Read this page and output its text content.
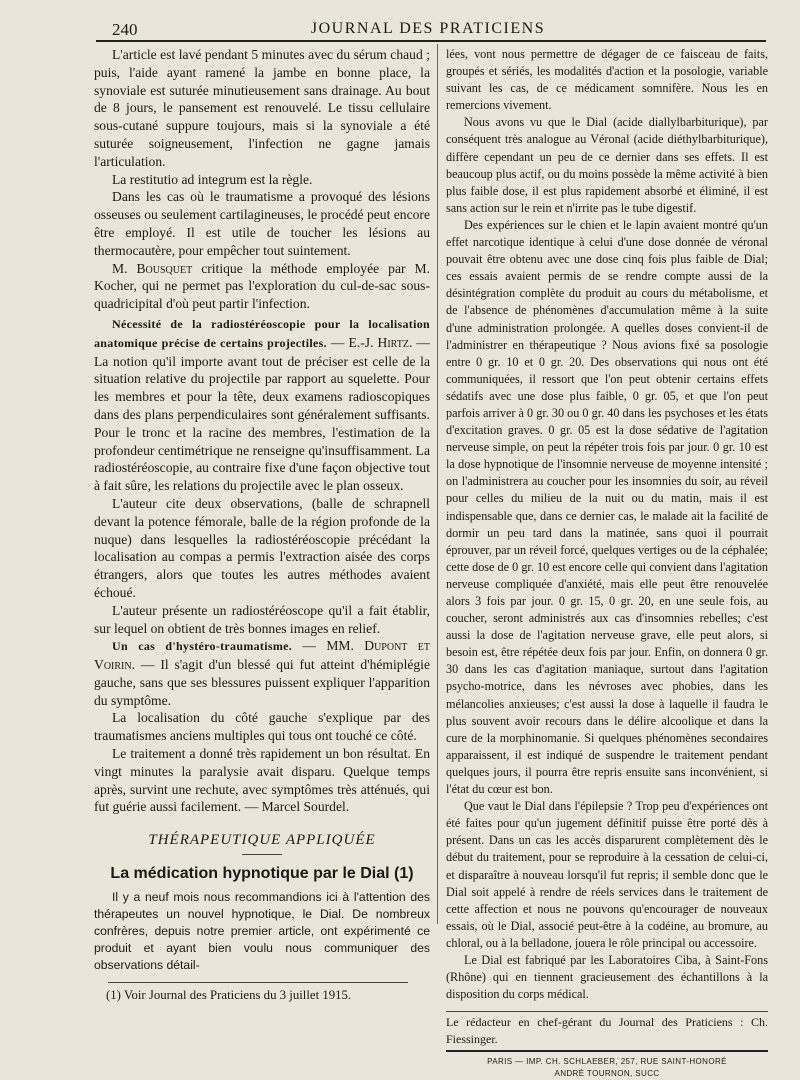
240	JOURNAL DES PRATICIENS

L'article est lavé pendant 5 minutes avec du sérum chaud ; puis, l'aide ayant ramené la jambe en bonne place, la synoviale est suturée minutieusement sans drainage. Au bout de 8 jours, le pansement est renouvelé. Le tissu cellulaire sous-cutané suppure toujours, mais si la synoviale a été suturée soigneusement, l'infection ne gagne jamais l'articulation.

La restitutio ad integrum est la règle.

Dans les cas où le traumatisme a provoqué des lésions osseuses ou seulement cartilagineuses, le procédé peut encore être employé. Il est utile de toucher les lésions au thermocautère, pour empêcher tout suintement.

M. Bousquet critique la méthode employée par M. Kocher, qui ne permet pas l'exploration du cul-de-sac sous-quadricipital d'où peut partir l'infection.

Nécessité de la radiostéréoscopie pour la localisation anatomique précise de certains projectiles. — E.-J. Hirtz. — La notion qu'il importe avant tout de préciser est celle de la situation relative du projectile par rapport au squelette. Pour les membres et pour la tête, deux examens radioscopiques dans des plans perpendiculaires sont généralement suffisants. Pour le tronc et la racine des membres, l'estimation de la profondeur centimétrique ne renseigne qu'insuffisamment. La radiostéréoscopie, au contraire fixe d'une façon objective tout à fait sûre, les relations du projectile avec le plan osseux.

L'auteur cite deux observations, (balle de schrapnell devant la potence fémorale, balle de la région profonde de la nuque) dans lesquelles la radiostéréoscopie précédant la localisation au compas a permis l'extraction aisée des corps étrangers, alors que toutes les autres méthodes avaient échoué.

L'auteur présente un radiostéréoscope qu'il a fait établir, sur lequel on obtient de très bonnes images en relief.

Un cas d'hystéro-traumatisme. — MM. Dupont et Voirin. — Il s'agit d'un blessé qui fut atteint d'hémiplégie gauche, sans que ses blessures puissent expliquer l'apparition du symptôme.

La localisation du côté gauche s'explique par des traumatismes anciens multiples qui tous ont touché ce côté.

Le traitement a donné très rapidement un bon résultat. En vingt minutes la paralysie avait disparu. Quelque temps après, survint une rechute, avec symptômes très atténués, qui fut guérie aussi facilement. — Marcel Sourdel.

THÉRAPEUTIQUE APPLIQUÉE
La médication hypnotique par le Dial (1)

Il y a neuf mois nous recommandions ici à l'attention des thérapeutes un nouvel hypnotique, le Dial. De nombreux confrères, depuis notre premier article, ont expérimenté ce produit et ayant bien voulu nous communiquer des observations détail-

(1) Voir Journal des Praticiens du 3 juillet 1915.

lées, vont nous permettre de dégager de ce faisceau de faits, groupés et sériés, les modalités d'action et la posologie, variable suivant les cas, de ce médicament somnifère. Nous les en remercions vivement.

Nous avons vu que le Dial (acide diallylbarbiturique), par conséquent très analogue au Véronal (acide diéthylbarbiturique), diffère cependant un peu de ce dernier dans ses effets. Il est beaucoup plus actif, ou du moins possède la même activité à bien plus faible dose, il est plus rapidement absorbé et éliminé, il est sans action sur le rein et n'irrite pas le tube digestif.

Des expériences sur le chien et le lapin avaient montré qu'un effet narcotique identique à celui d'une dose donnée de véronal pouvait être obtenu avec une dose cinq fois plus faible de Dial; ces essais avaient permis de se rendre compte aussi de la désintégration complète du produit au cours du métabolisme, et de l'absence de phénomènes d'accumulation même à la suite d'une administration prolongée. A quelles doses convient-il de l'administrer en thérapeutique ? Nous avions fixé sa posologie entre 0 gr. 10 et 0 gr. 20. Des observations qui nous ont été communiquées, il ressort que l'on peut obtenir certains effets sédatifs avec une dose plus faible, 0 gr. 05, et que l'on peut parfois arriver à 0 gr. 30 ou 0 gr. 40 dans les psychoses et les états d'excitation graves. 0 gr. 05 est la dose sédative de l'agitation nerveuse simple, on peut la répéter trois fois par jour. 0 gr. 10 est la dose hypnotique de l'insomnie nerveuse de moyenne intensité ; on l'administrera au coucher pour les insomnies du soir, au réveil pour celles du milieu de la nuit ou du matin, mais il est indispensable que, dans ce dernier cas, le malade ait la facilité de dormir un peu tard dans la matinée, sans quoi il pourrait éprouver, par un réveil forcé, quelques vertiges ou de la céphalée; cette dose de 0 gr. 10 est encore celle qui convient dans l'agitation nerveuse compliquée d'anxiété, mais elle peut être renouvelée alors 3 fois par jour. 0 gr. 15, 0 gr. 20, en une seule fois, au coucher, seront administrés aux cas d'insomnies rebelles; c'est aussi la dose de l'agitation nerveuse grave, elle peut alors, si besoin est, être répétée deux fois par jour. Enfin, on donnera 0 gr. 30 dans les cas d'agitation maniaque, surtout dans l'agitation psycho-motrice, dans les névroses avec phobies, dans les mélancolies anxieuses; c'est aussi la dose à laquelle il faudra le plus souvent avoir recours dans le délire alcoolique et dans la cure de la morphinomanie. Si quelques phénomènes secondaires apparaissent, il est indiqué de suspendre le traitement pendant quelques jours, il pourra être repris ensuite sans inconvénient, si l'état du cœur est bon.

Que vaut le Dial dans l'épilepsie ? Trop peu d'expériences ont été faites pour qu'un jugement définitif puisse être porté dès à présent. Dans un cas les accès disparurent complètement dès le début du traitement, pour se reproduire à la cessation de celui-ci, et disparaître à nouveau lorsqu'il fut repris; il semble donc que le Dial soit appelé à rendre de réels services dans le traitement de cette affection et nous ne pouvons qu'encourager de nouveaux essais, où le Dial, associé peut-être à la codéine, au bromure, au chloral, ou à la belladone, jouera le rôle principal ou accessoire.

Le Dial est fabriqué par les Laboratoires Ciba, à Saint-Fons (Rhône) qui en tiennent gracieusement des échantillons à la disposition du corps médical.

Le rédacteur en chef-gérant du Journal des Praticiens : Ch. Fiessinger.

PARIS — IMP. CH. SCHLAEBER, 257, RUE SAINT-HONORÉ

ANDRÉ TOURNON, SUCC
